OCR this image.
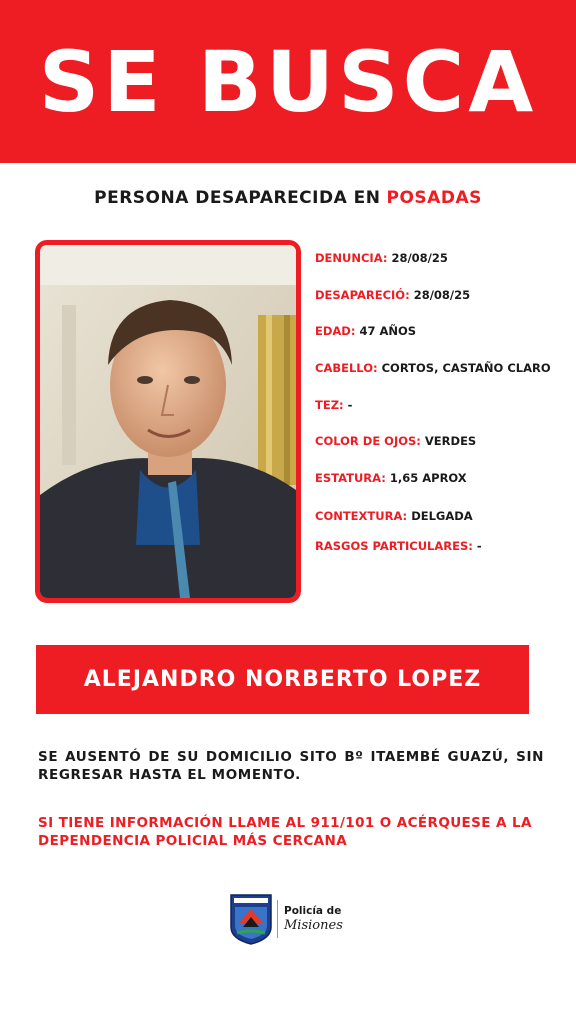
SE BUSCA
PERSONA DESAPARECIDA EN POSADAS
DENUNCIA: 28/08/25
DESAPARECIÓ: 28/08/25
EDAD: 47 AÑOS
CABELLO: CORTOS, CASTAÑO CLARO
TEZ: -
COLOR DE OJOS: VERDES
ESTATURA: 1,65 APROX
CONTEXTURA: DELGADA
RASGOS PARTICULARES: -
ALEJANDRO NORBERTO LOPEZ
SE AUSENTÓ DE SU DOMICILIO SITO Bº ITAEMBÉ GUAZÚ, SIN REGRESAR HASTA EL MOMENTO.
SI TIENE INFORMACIÓN LLAME AL 911/101 O ACÉRQUESE A LA
DEPENDENCIA POLICIAL MÁS CERCANA
Policía de
Misiones
